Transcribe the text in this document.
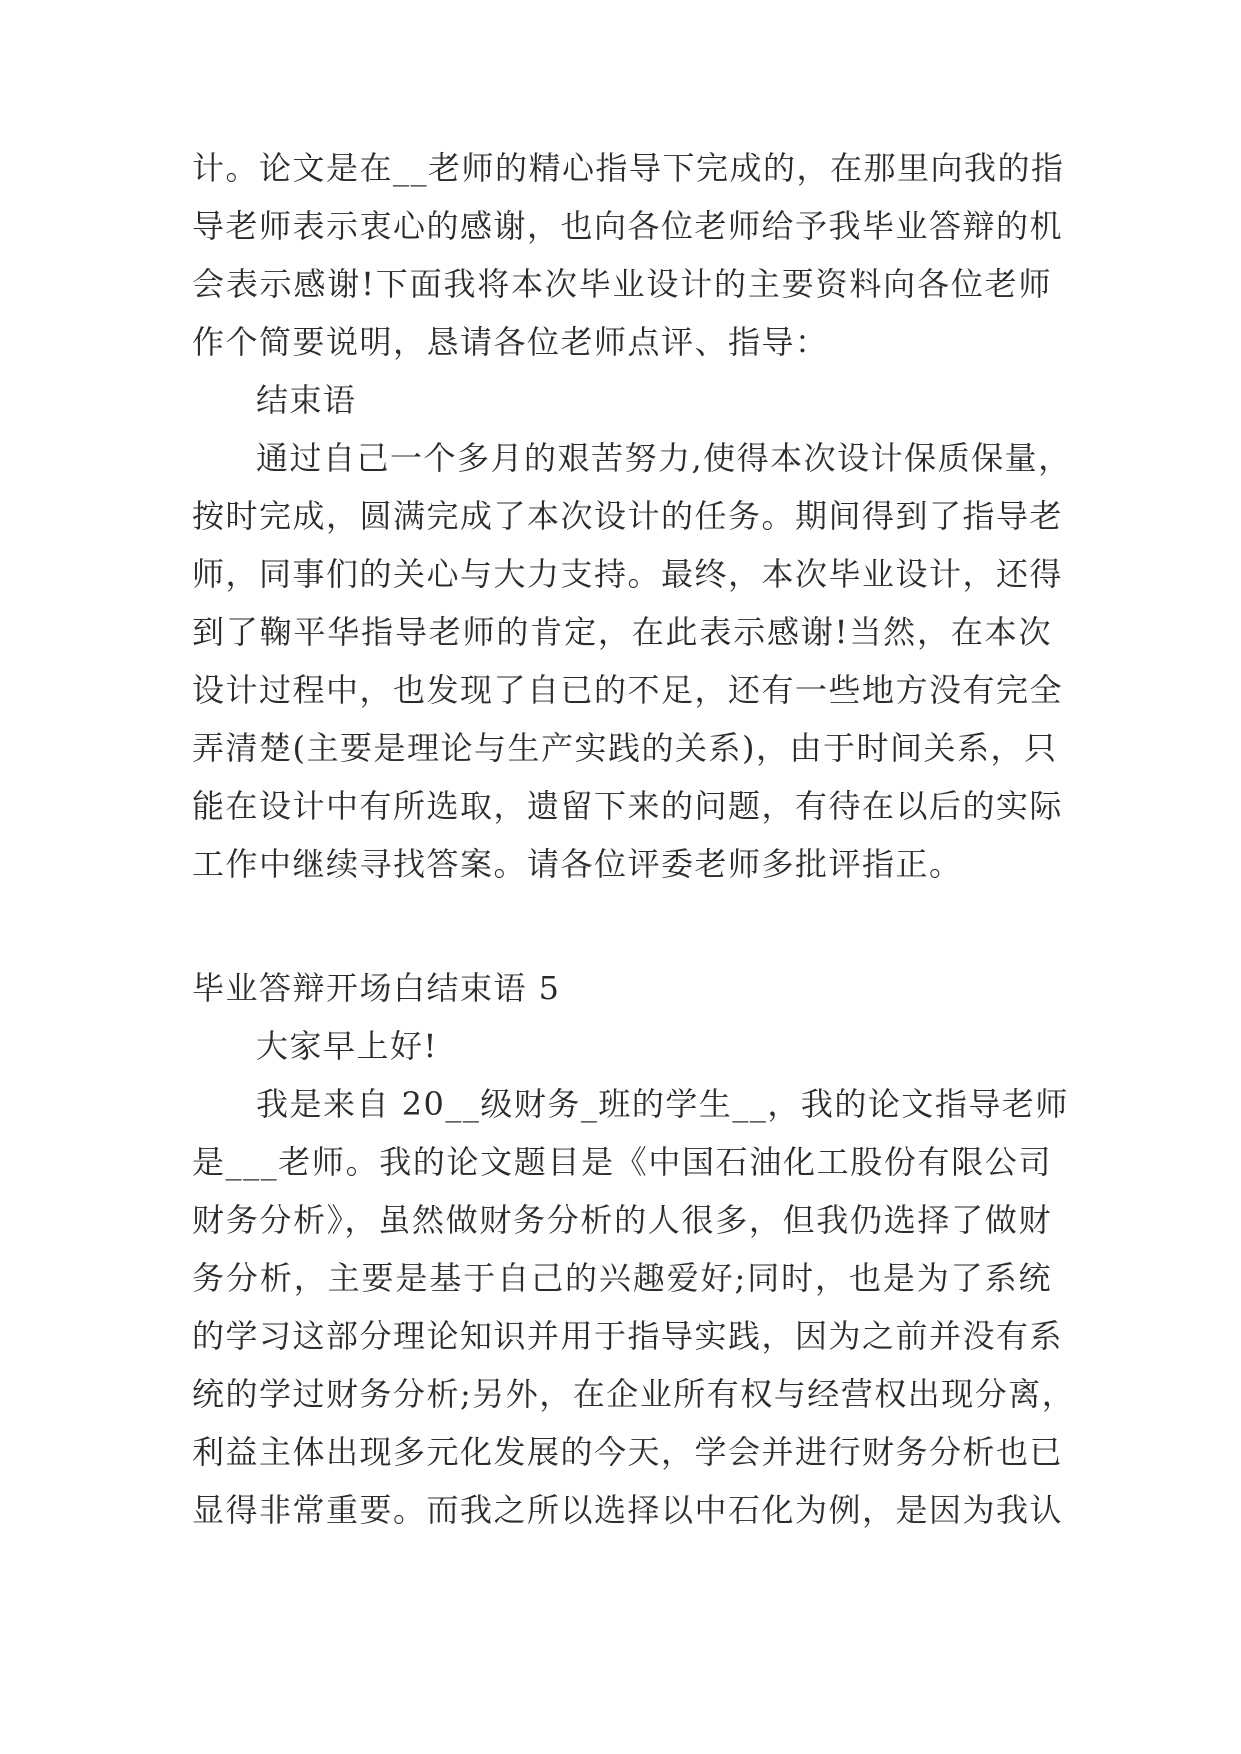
计。论文是在__老师的精心指导下完成的，在那里向我的指
导老师表示衷心的感谢，也向各位老师给予我毕业答辩的机
会表示感谢!下面我将本次毕业设计的主要资料向各位老师
作个简要说明，恳请各位老师点评、指导：
结束语
通过自己一个多月的艰苦努力,使得本次设计保质保量，
按时完成，圆满完成了本次设计的任务。期间得到了指导老
师，同事们的关心与大力支持。最终，本次毕业设计，还得
到了鞠平华指导老师的肯定，在此表示感谢!当然，在本次
设计过程中，也发现了自已的不足，还有一些地方没有完全
弄清楚(主要是理论与生产实践的关系)，由于时间关系，只
能在设计中有所选取，遗留下来的问题，有待在以后的实际
工作中继续寻找答案。请各位评委老师多批评指正。
毕业答辩开场白结束语 5
大家早上好!
我是来自 20__级财务_班的学生__，我的论文指导老师
是___老师。我的论文题目是《中国石油化工股份有限公司
财务分析》，虽然做财务分析的人很多，但我仍选择了做财
务分析，主要是基于自己的兴趣爱好;同时，也是为了系统
的学习这部分理论知识并用于指导实践，因为之前并没有系
统的学过财务分析;另外，在企业所有权与经营权出现分离，
利益主体出现多元化发展的今天，学会并进行财务分析也已
显得非常重要。而我之所以选择以中石化为例，是因为我认
